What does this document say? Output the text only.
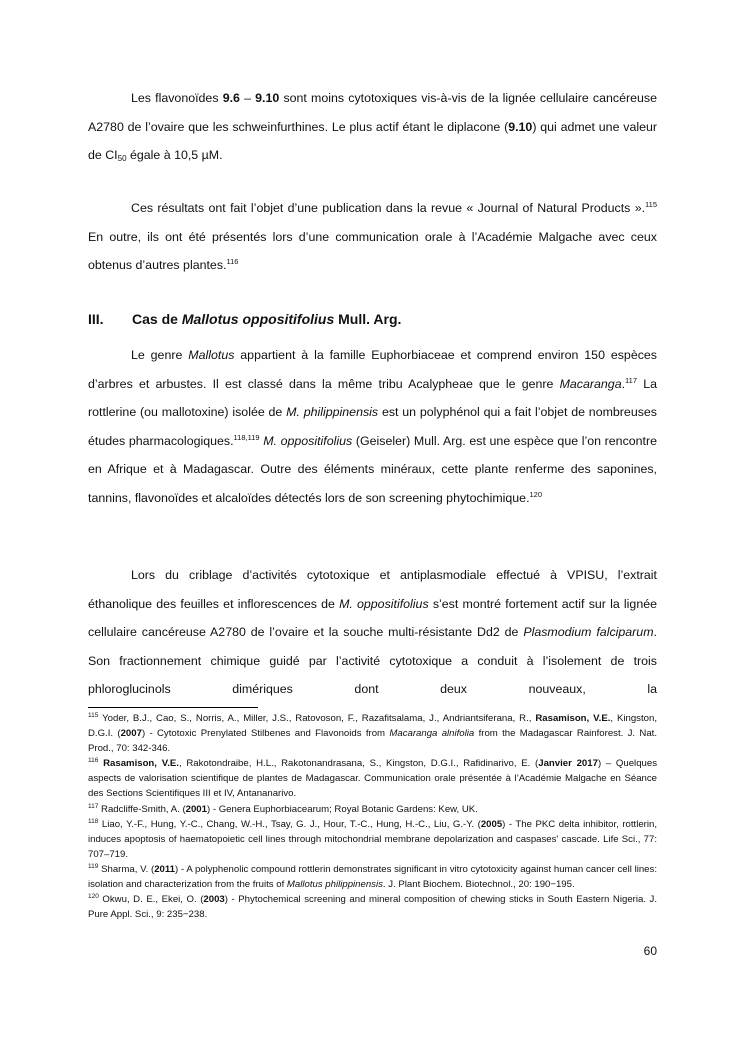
Les flavonoïdes 9.6 – 9.10 sont moins cytotoxiques vis-à-vis de la lignée cellulaire cancéreuse A2780 de l’ovaire que les schweinfurthines. Le plus actif étant le diplacone (9.10) qui admet une valeur de $CI_{50}$ égale à 10,5 µM.

Ces résultats ont fait l’objet d’une publication dans la revue « Journal of Natural Products ».$^{115}$ En outre, ils ont été présentés lors d’une communication orale à l’Académie Malgache avec ceux obtenus d’autres plantes.$^{116}$

III. Cas de Mallotus oppositifolius Mull. Arg.

Le genre Mallotus appartient à la famille Euphorbiaceae et comprend environ 150 espèces d’arbres et arbustes. Il est classé dans la même tribu Acalypheae que le genre Macaranga.$^{117}$ La rottlerine (ou mallotoxine) isolée de M. philippinensis est un polyphénol qui a fait l’objet de nombreuses études pharmacologiques.$^{118,119}$ M. oppositifolius (Geiseler) Mull. Arg. est une espèce que l’on rencontre en Afrique et à Madagascar. Outre des éléments minéraux, cette plante renferme des saponines, tannins, flavonoïdes et alcaloïdes détectés lors de son screening phytochimique.$^{120}$

Lors du criblage d’activités cytotoxique et antiplasmodiale effectué à VPISU, l’extrait éthanolique des feuilles et inflorescences de M. oppositifolius s’est montré fortement actif sur la lignée cellulaire cancéreuse A2780 de l’ovaire et la souche multi-résistante Dd2 de Plasmodium falciparum. Son fractionnement chimique guidé par l’activité cytotoxique a conduit à l’isolement de trois phloroglucinols dimériques dont deux nouveaux, la

$^{115}$ Yoder, B.J., Cao, S., Norris, A., Miller, J.S., Ratovoson, F., Razafitsalama, J., Andriantsiferana, R., Rasamison, V.E., Kingston, D.G.I. (2007) - Cytotoxic Prenylated Stilbenes and Flavonoids from Macaranga alnifolia from the Madagascar Rainforest. J. Nat. Prod., 70: 342-346.

$^{116}$ Rasamison, V.E., Rakotondraibe, H.L., Rakotonandrasana, S., Kingston, D.G.I., Rafidinarivo, E. (Janvier 2017) – Quelques aspects de valorisation scientifique de plantes de Madagascar. Communication orale présentée à l’Académie Malgache en Séance des Sections Scientifiques III et IV, Antananarivo.

$^{117}$ Radcliffe-Smith, A. (2001) - Genera Euphorbiacearum; Royal Botanic Gardens: Kew, UK.

$^{118}$ Liao, Y.-F., Hung, Y.-C., Chang, W.-H., Tsay, G. J., Hour, T.-C., Hung, H.-C., Liu, G.-Y. (2005) - The PKC delta inhibitor, rottlerin, induces apoptosis of haematopoietic cell lines through mitochondrial membrane depolarization and caspases' cascade. Life Sci., 77: 707–719.

$^{119}$ Sharma, V. (2011) - A polyphenolic compound rottlerin demonstrates significant in vitro cytotoxicity against human cancer cell lines: isolation and characterization from the fruits of Mallotus philippinensis. J. Plant Biochem. Biotechnol., 20: 190−195.

$^{120}$ Okwu, D. E., Ekei, O. (2003) - Phytochemical screening and mineral composition of chewing sticks in South Eastern Nigeria. J. Pure Appl. Sci., 9: 235−238.

60
